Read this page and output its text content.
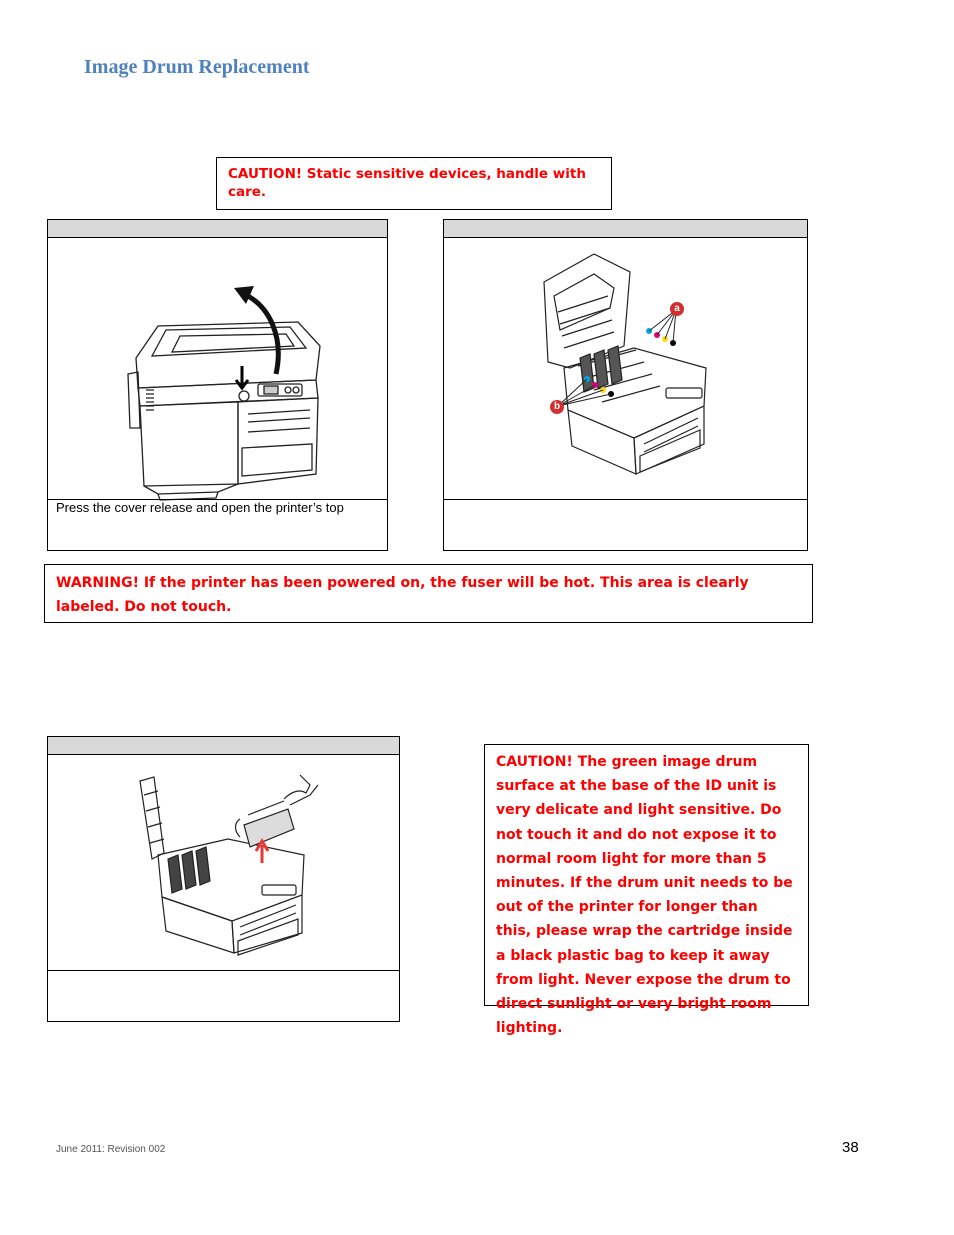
Image Drum Replacement
CAUTION! Static sensitive devices, handle with care.
Press the cover release and open the printer’s top
a
b
WARNING! If the printer has been powered on, the fuser will be hot. This area is clearly labeled. Do not touch.
CAUTION! The green image drum surface at the base of the ID unit is very delicate and light sensitive. Do not touch it and do not expose it to normal room light for more than 5 minutes. If the drum unit needs to be out of the printer for longer than this, please wrap the cartridge inside a black plastic bag to keep it away from light. Never expose the drum to direct sunlight or very bright room lighting.
June 2011: Revision 002	38
